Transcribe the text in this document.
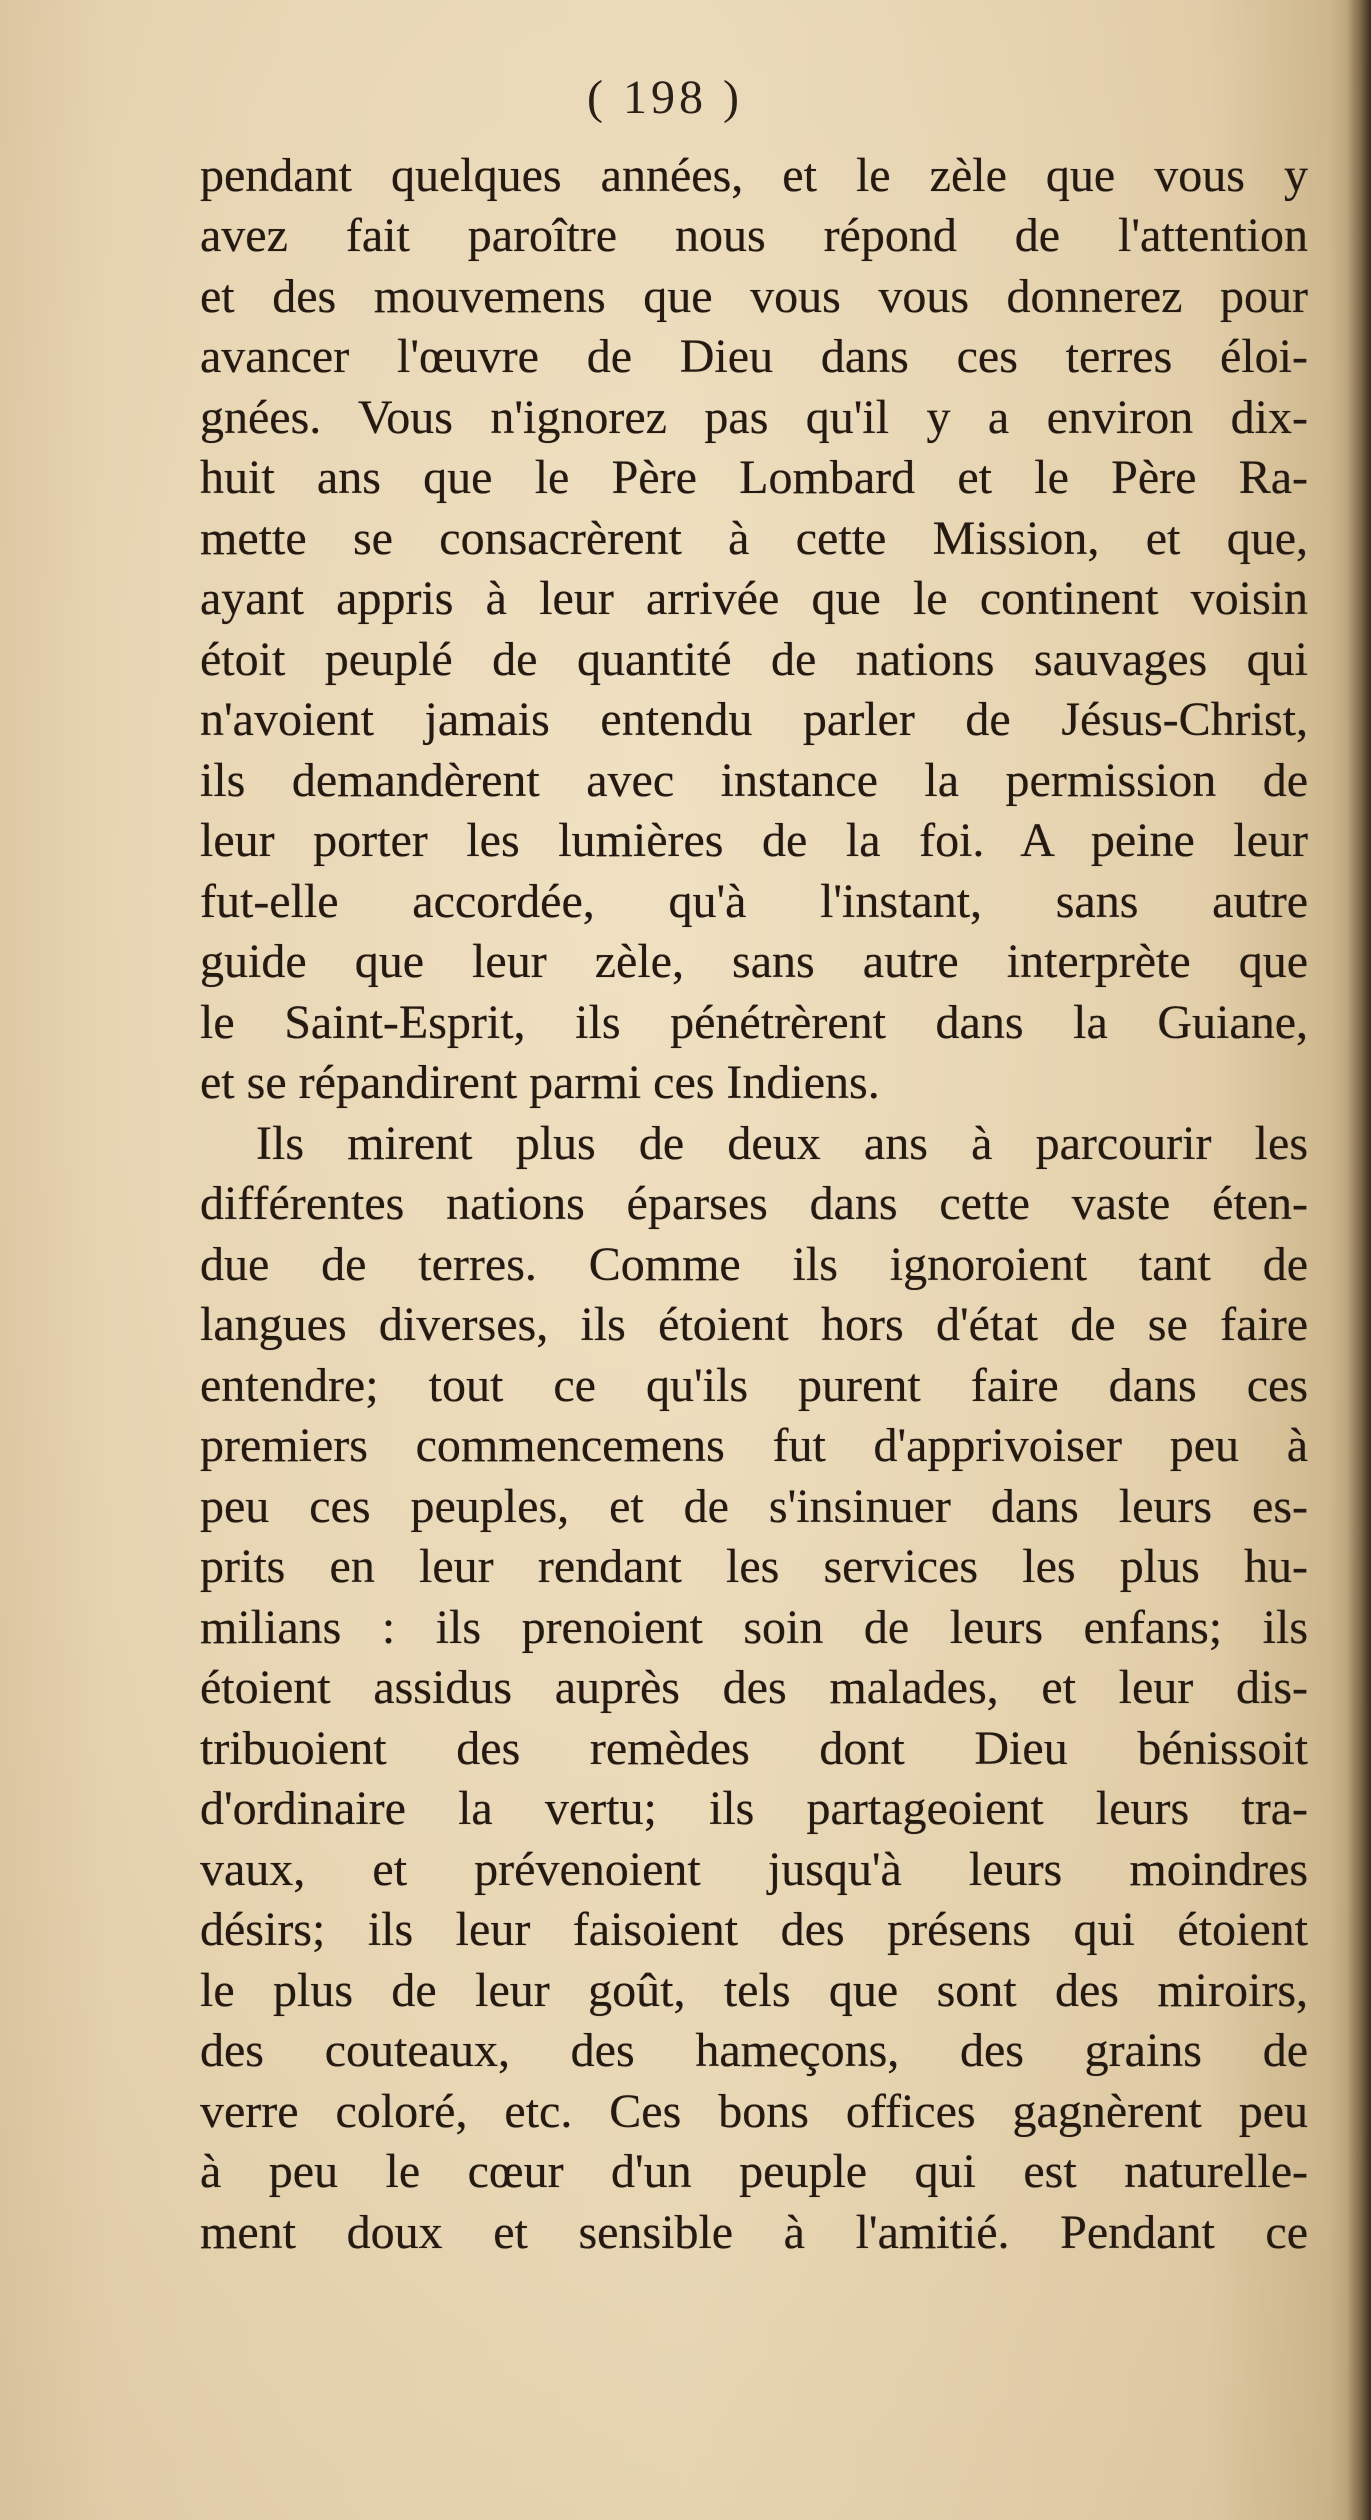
( 198 )
pendant quelques années, et le zèle que vous y
avez fait paroître nous répond de l'attention
et des mouvemens que vous vous donnerez pour
avancer l'œuvre de Dieu dans ces terres éloi-
gnées. Vous n'ignorez pas qu'il y a environ dix-
huit ans que le Père Lombard et le Père Ra-
mette se consacrèrent à cette Mission, et que,
ayant appris à leur arrivée que le continent voisin
étoit peuplé de quantité de nations sauvages qui
n'avoient jamais entendu parler de Jésus-Christ,
ils demandèrent avec instance la permission de
leur porter les lumières de la foi. A peine leur
fut-elle accordée, qu'à l'instant, sans autre
guide que leur zèle, sans autre interprète que
le Saint-Esprit, ils pénétrèrent dans la Guiane,
et se répandirent parmi ces Indiens.
Ils mirent plus de deux ans à parcourir les
différentes nations éparses dans cette vaste éten-
due de terres. Comme ils ignoroient tant de
langues diverses, ils étoient hors d'état de se faire
entendre; tout ce qu'ils purent faire dans ces
premiers commencemens fut d'apprivoiser peu à
peu ces peuples, et de s'insinuer dans leurs es-
prits en leur rendant les services les plus hu-
milians : ils prenoient soin de leurs enfans; ils
étoient assidus auprès des malades, et leur dis-
tribuoient des remèdes dont Dieu bénissoit
d'ordinaire la vertu; ils partageoient leurs tra-
vaux, et prévenoient jusqu'à leurs moindres
désirs; ils leur faisoient des présens qui étoient
le plus de leur goût, tels que sont des miroirs,
des couteaux, des hameçons, des grains de
verre coloré, etc. Ces bons offices gagnèrent peu
à peu le cœur d'un peuple qui est naturelle-
ment doux et sensible à l'amitié. Pendant ce
